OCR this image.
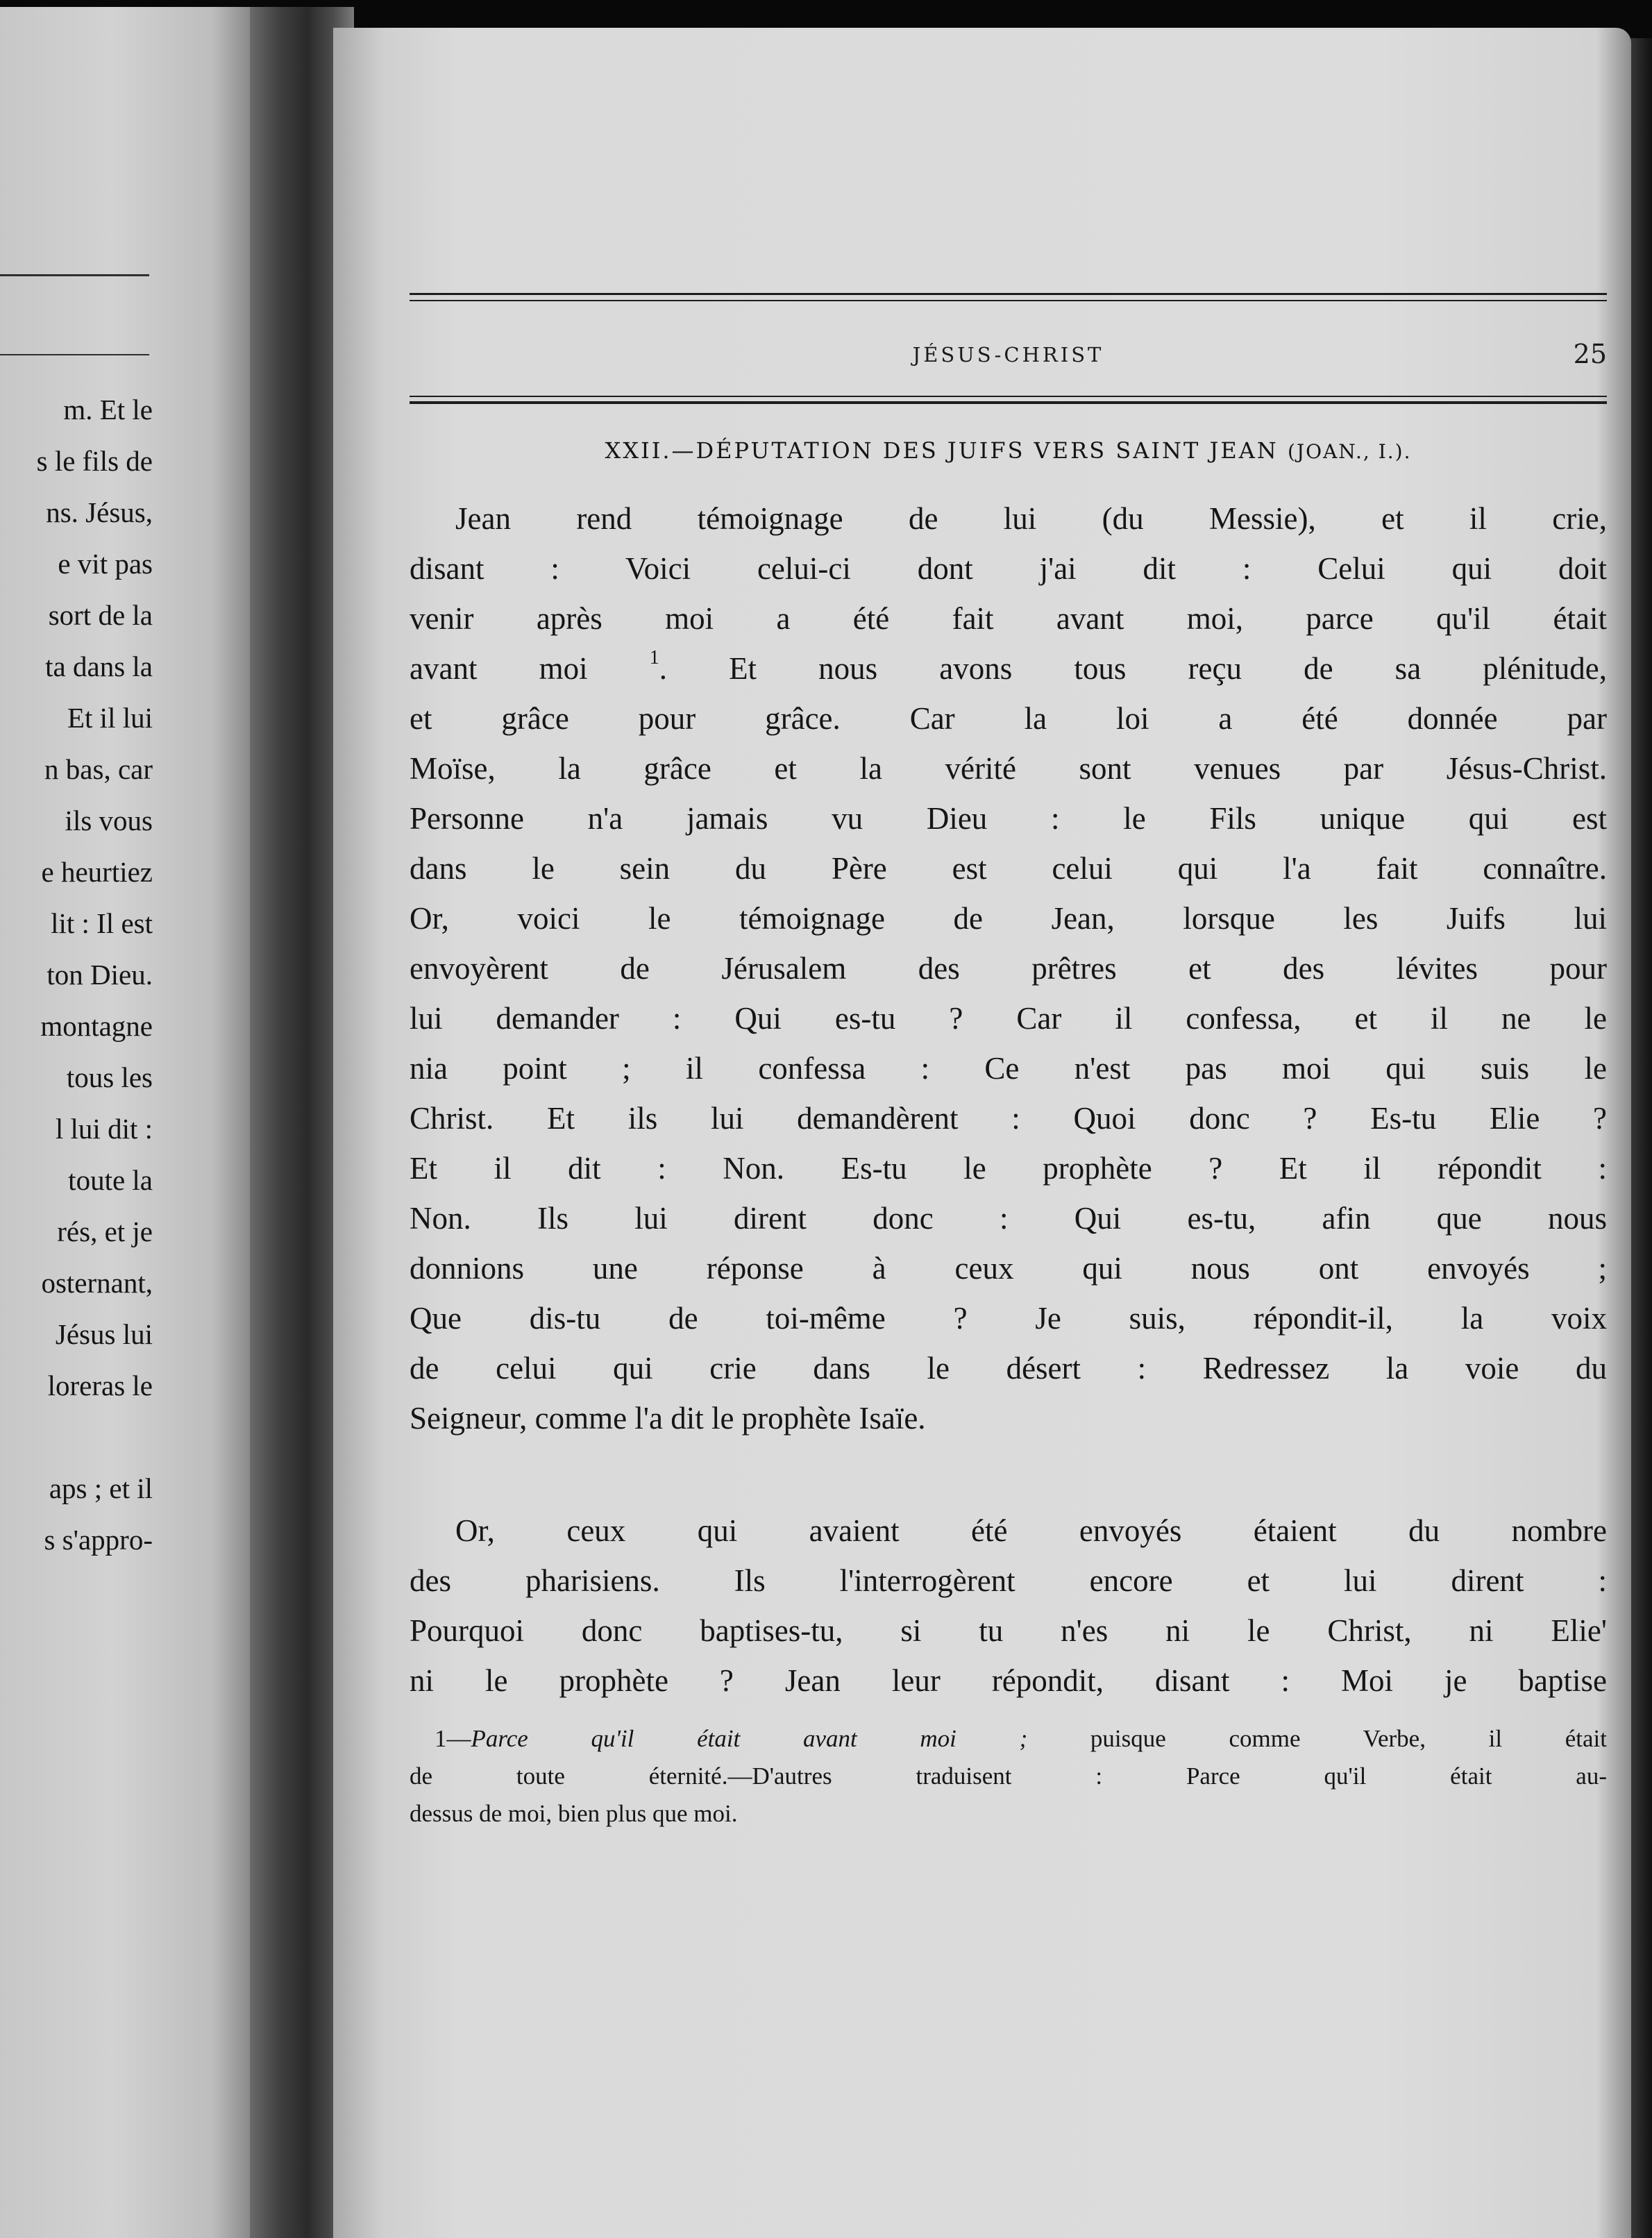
m. Et le
s le fils de
ns. Jésus,
e vit pas
sort de la
ta dans la
Et il lui
n bas, car
ils vous
e heurtiez
lit : Il est
ton Dieu.
montagne
tous les
l lui dit :
toute la
rés, et je
osternant,
Jésus lui
loreras le
aps ; et il
s s'appro-
JÉSUS-CHRIST	25
XXII.—DÉPUTATION DES JUIFS VERS SAINT JEAN (JOAN., I.).
Jean rend témoignage de lui (du Messie), et il crie,
disant : Voici celui-ci dont j'ai dit : Celui qui doit
venir après moi a été fait avant moi, parce qu'il était
avant moi	$^1$. Et nous avons tous reçu de sa plénitude,
et grâce pour grâce. Car la loi a été donnée par
Moïse, la grâce et la vérité sont venues par Jésus-Christ.
Personne n'a jamais vu Dieu : le Fils unique qui est
dans le sein du Père est celui qui l'a fait connaître.
Or, voici le témoignage de Jean, lorsque les Juifs lui
envoyèrent de Jérusalem des prêtres et des lévites pour
lui demander : Qui es-tu ? Car il confessa, et il ne le
nia point ; il confessa : Ce n'est pas moi qui suis le
Christ. Et ils lui demandèrent : Quoi donc ? Es-tu Elie ?
Et il dit : Non. Es-tu le prophète ? Et il répondit :
Non. Ils lui dirent donc : Qui es-tu, afin que nous
donnions une réponse à ceux qui nous ont envoyés ;
Que dis-tu de toi-même ? Je suis, répondit-il, la voix
de celui qui crie dans le désert : Redressez la voie du
Seigneur, comme l'a dit le prophète Isaïe.
Or, ceux qui avaient été envoyés étaient du nombre
des pharisiens. Ils l'interrogèrent encore et lui dirent :
Pourquoi donc baptises-tu, si tu n'es ni le Christ, ni Elie'
ni le prophète ? Jean leur répondit, disant : Moi je baptise
1—Parce qu'il était avant moi ; puisque comme Verbe, il était
de toute éternité.—D'autres traduisent : Parce qu'il était au-
dessus de moi, bien plus que moi.
